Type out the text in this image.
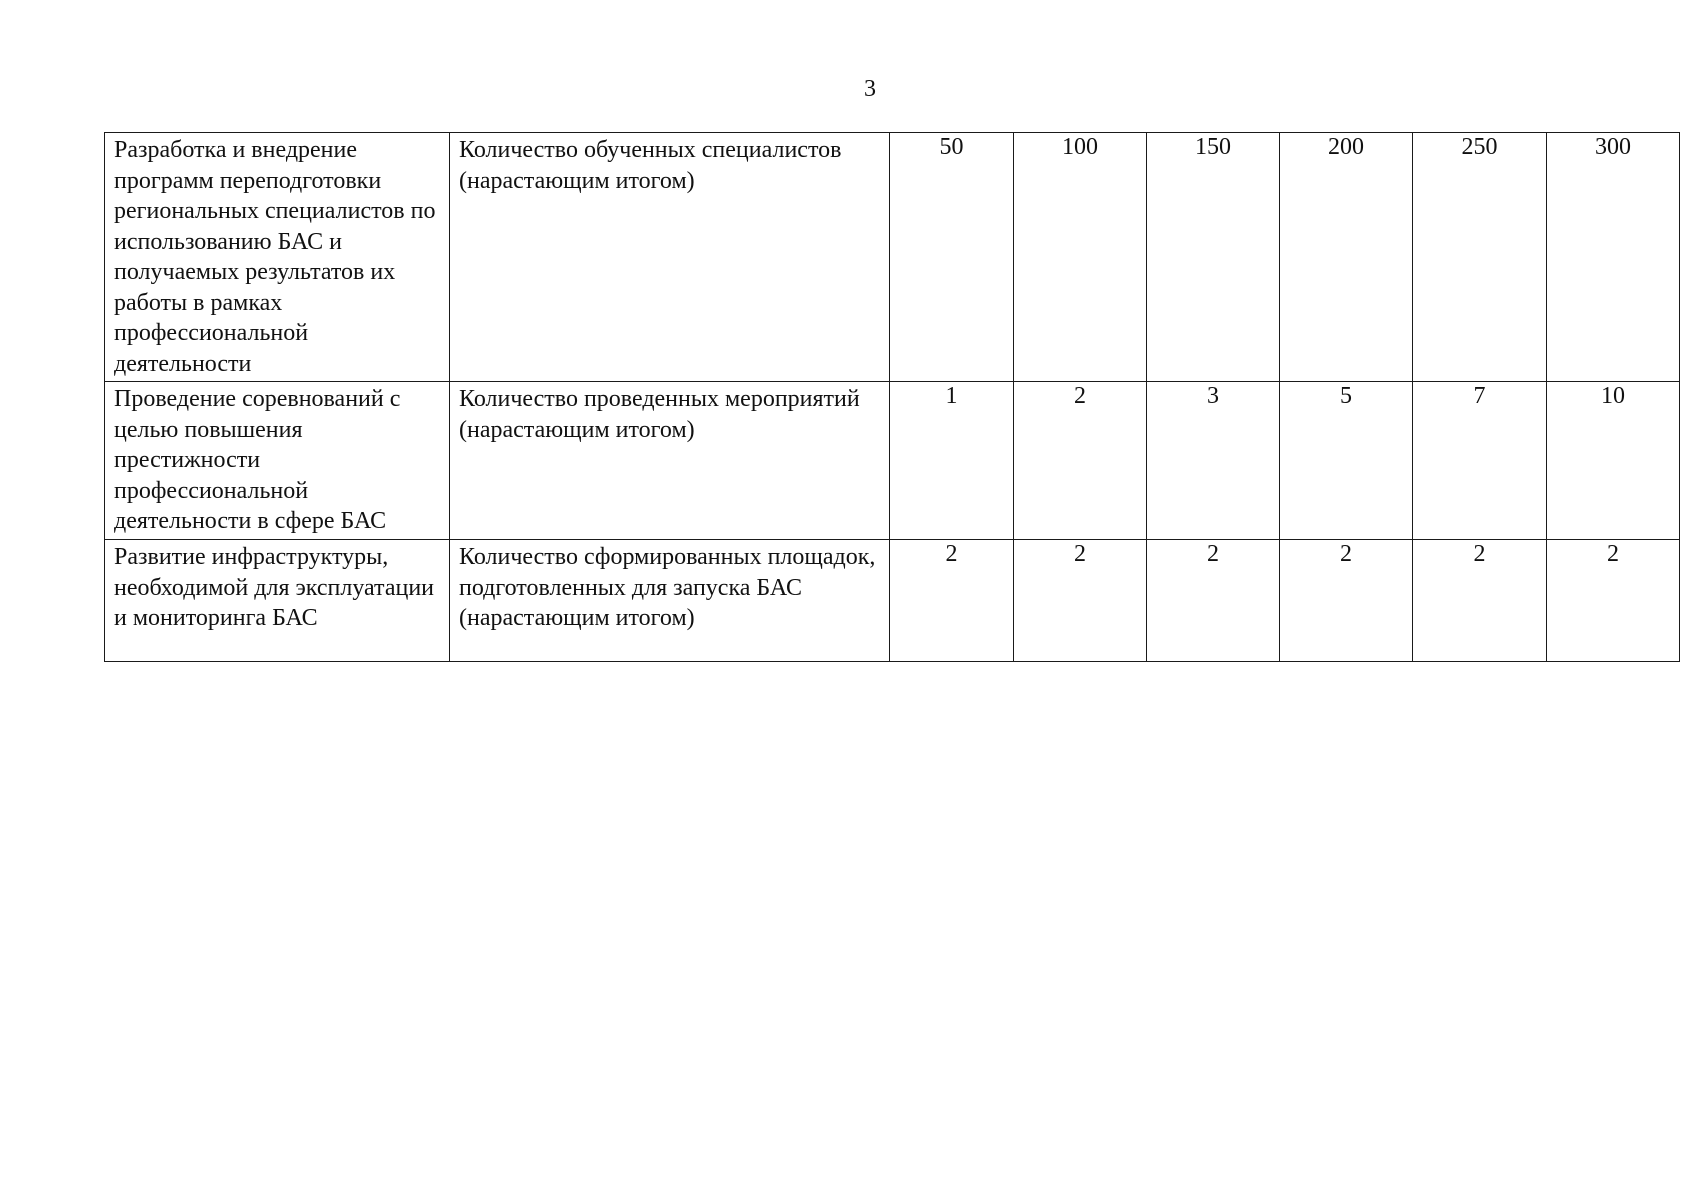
3
Разработка и внедрение программ переподготовки региональных специалистов по использованию БАС и получаемых результатов их работы в рамках профессиональной деятельности	Количество обученных специалистов (нарастающим итогом)	50	100	150	200	250	300
Проведение соревнований с целью повышения престижности профессиональной деятельности в сфере БАС	Количество проведенных мероприятий (нарастающим итогом)	1	2	3	5	7	10
Развитие инфраструктуры, необходимой для эксплуатации и мониторинга БАС	Количество сформированных площадок, подготовленных для запуска БАС (нарастающим итогом)	2	2	2	2	2	2
